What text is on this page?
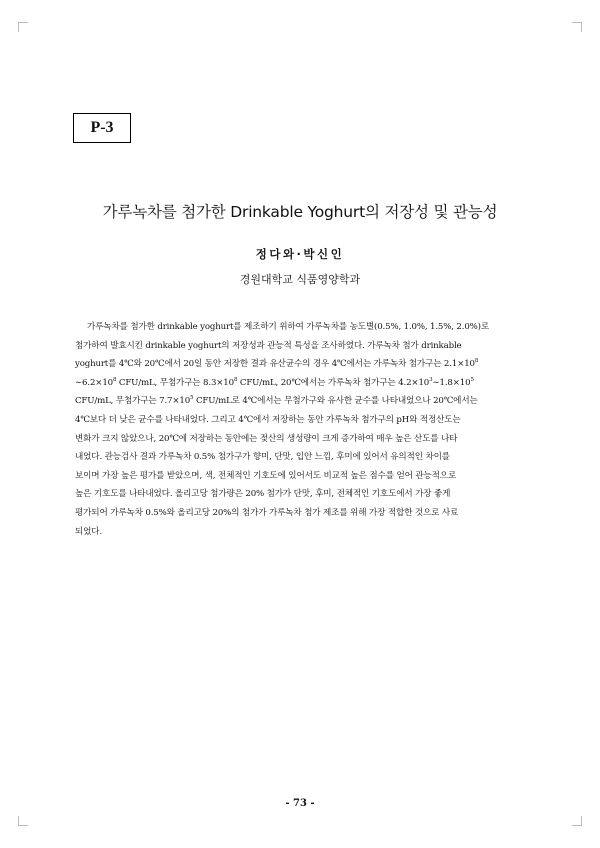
P-3
가루녹차를 첨가한 Drinkable Yoghurt의 저장성 및 관능성
정다와·박신인
경원대학교 식품영양학과
가루녹차를 첨가한 drinkable yoghurt를 제조하기 위하여 가루녹차를 농도별(0.5%, 1.0%, 1.5%, 2.0%)로
첨가하여 발효시킨 drinkable yoghurt의 저장성과 관능적 특성을 조사하였다. 가루녹차 첨가 drinkable
yoghurt를 4℃와 20℃에서 20일 동안 저장한 결과 유산균수의 경우 4℃에서는 가루녹차 첨가구는 $2.1\times 10^8$
$\sim 6.2\times 10^8$ CFU/mL, 무첨가구는 $8.3\times 10^8$ CFU/mL, 20℃에서는 가루녹차 첨가구는 $4.2\times 10^3\sim 1.8\times 10^5$
CFU/mL, 무첨가구는 $7.7\times 10^5$ CFU/mL로 4℃에서는 무첨가구와 유사한 균수를 나타내었으나 20℃에서는
4℃보다 더 낮은 균수를 나타내었다. 그리고 4℃에서 저장하는 동안 가루녹차 첨가구의 pH와 적정산도는
변화가 크지 않았으나, 20℃에 저장하는 동안에는 젖산의 생성량이 크게 증가하여 매우 높은 산도를 나타
내었다. 관능검사 결과 가루녹차 0.5% 첨가구가 향미, 단맛, 입안 느낌, 후미에 있어서 유의적인 차이를
보이며 가장 높은 평가를 받았으며, 색, 전체적인 기호도에 있어서도 비교적 높은 점수를 얻어 관능적으로
높은 기호도를 나타내었다. 올리고당 첨가량은 20% 첨가가 단맛, 후미, 전체적인 기호도에서 가장 좋게
평가되어 가루녹차 0.5%와 올리고당 20%의 첨가가 가루녹차 첨가 제조를 위해 가장 적합한 것으로 사료
되었다.
- 73 -
